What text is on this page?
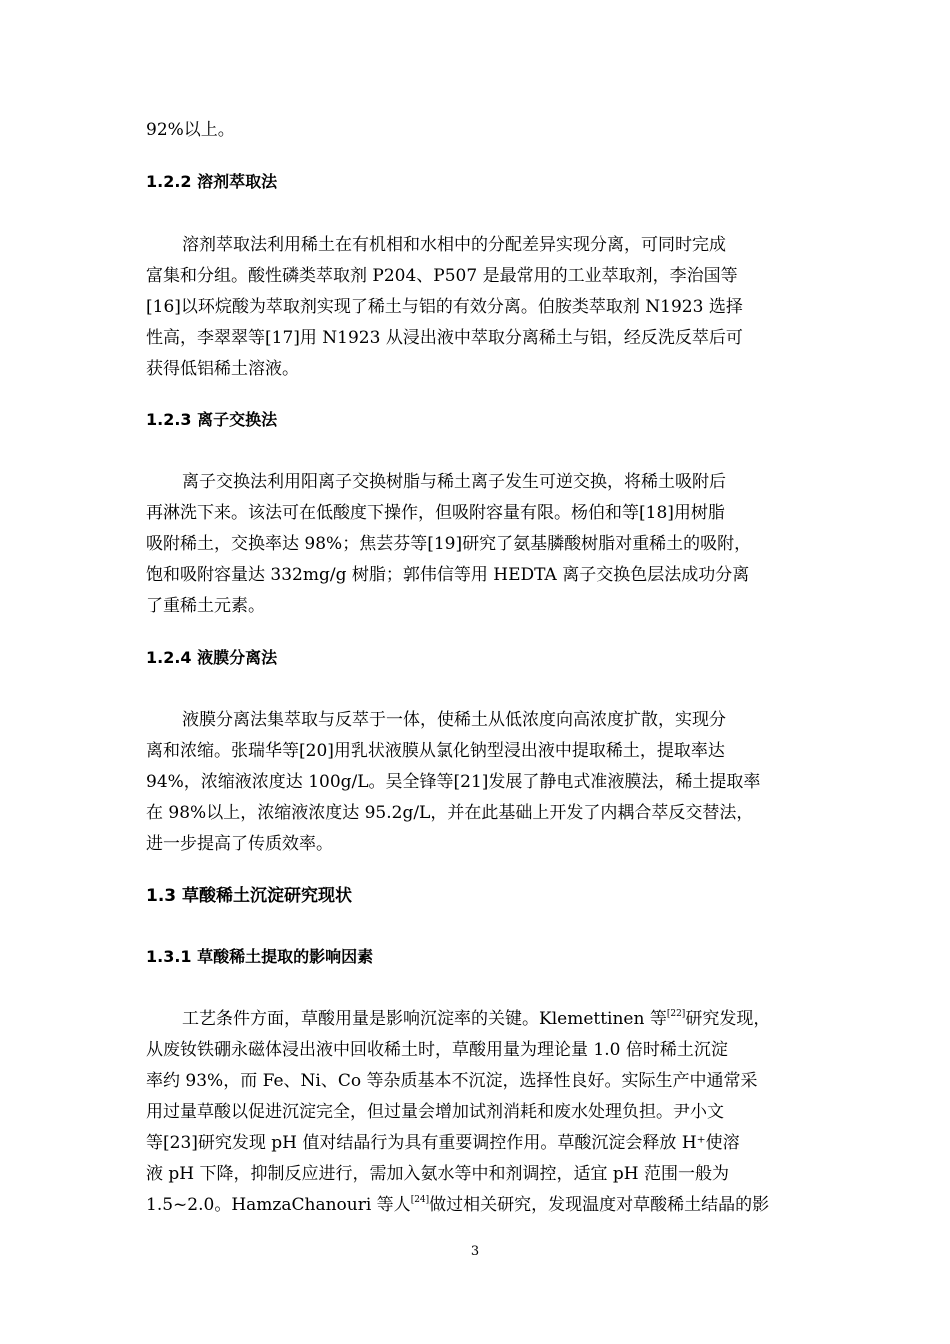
92%以上。
1.2.2 溶剂萃取法
溶剂萃取法利用稀土在有机相和水相中的分配差异实现分离，可同时完成
富集和分组。酸性磷类萃取剂 P204、P507 是最常用的工业萃取剂，李治国等
[16]以环烷酸为萃取剂实现了稀土与铝的有效分离。伯胺类萃取剂 N1923 选择
性高，李翠翠等[17]用 N1923 从浸出液中萃取分离稀土与铝，经反洗反萃后可
获得低铝稀土溶液。
1.2.3 离子交换法
离子交换法利用阳离子交换树脂与稀土离子发生可逆交换，将稀土吸附后
再淋洗下来。该法可在低酸度下操作，但吸附容量有限。杨伯和等[18]用树脂
吸附稀土，交换率达 98%；焦芸芬等[19]研究了氨基膦酸树脂对重稀土的吸附，
饱和吸附容量达 332mg/g 树脂；郭伟信等用 HEDTA 离子交换色层法成功分离
了重稀土元素。
1.2.4 液膜分离法
液膜分离法集萃取与反萃于一体，使稀土从低浓度向高浓度扩散，实现分
离和浓缩。张瑞华等[20]用乳状液膜从氯化钠型浸出液中提取稀土，提取率达
94%，浓缩液浓度达 100g/L。吴全锋等[21]发展了静电式准液膜法，稀土提取率
在 98%以上，浓缩液浓度达 95.2g/L，并在此基础上开发了内耦合萃反交替法，
进一步提高了传质效率。
1.3 草酸稀土沉淀研究现状
1.3.1 草酸稀土提取的影响因素
工艺条件方面，草酸用量是影响沉淀率的关键。Klemettinen 等[22]研究发现，
从废钕铁硼永磁体浸出液中回收稀土时，草酸用量为理论量 1.0 倍时稀土沉淀
率约 93%，而 Fe、Ni、Co 等杂质基本不沉淀，选择性良好。实际生产中通常采
用过量草酸以促进沉淀完全，但过量会增加试剂消耗和废水处理负担。尹小文
等[23]研究发现 pH 值对结晶行为具有重要调控作用。草酸沉淀会释放 H⁺使溶
液 pH 下降，抑制反应进行，需加入氨水等中和剂调控，适宜 pH 范围一般为
1.5~2.0。HamzaChanouri 等人[24]做过相关研究，发现温度对草酸稀土结晶的影
3
